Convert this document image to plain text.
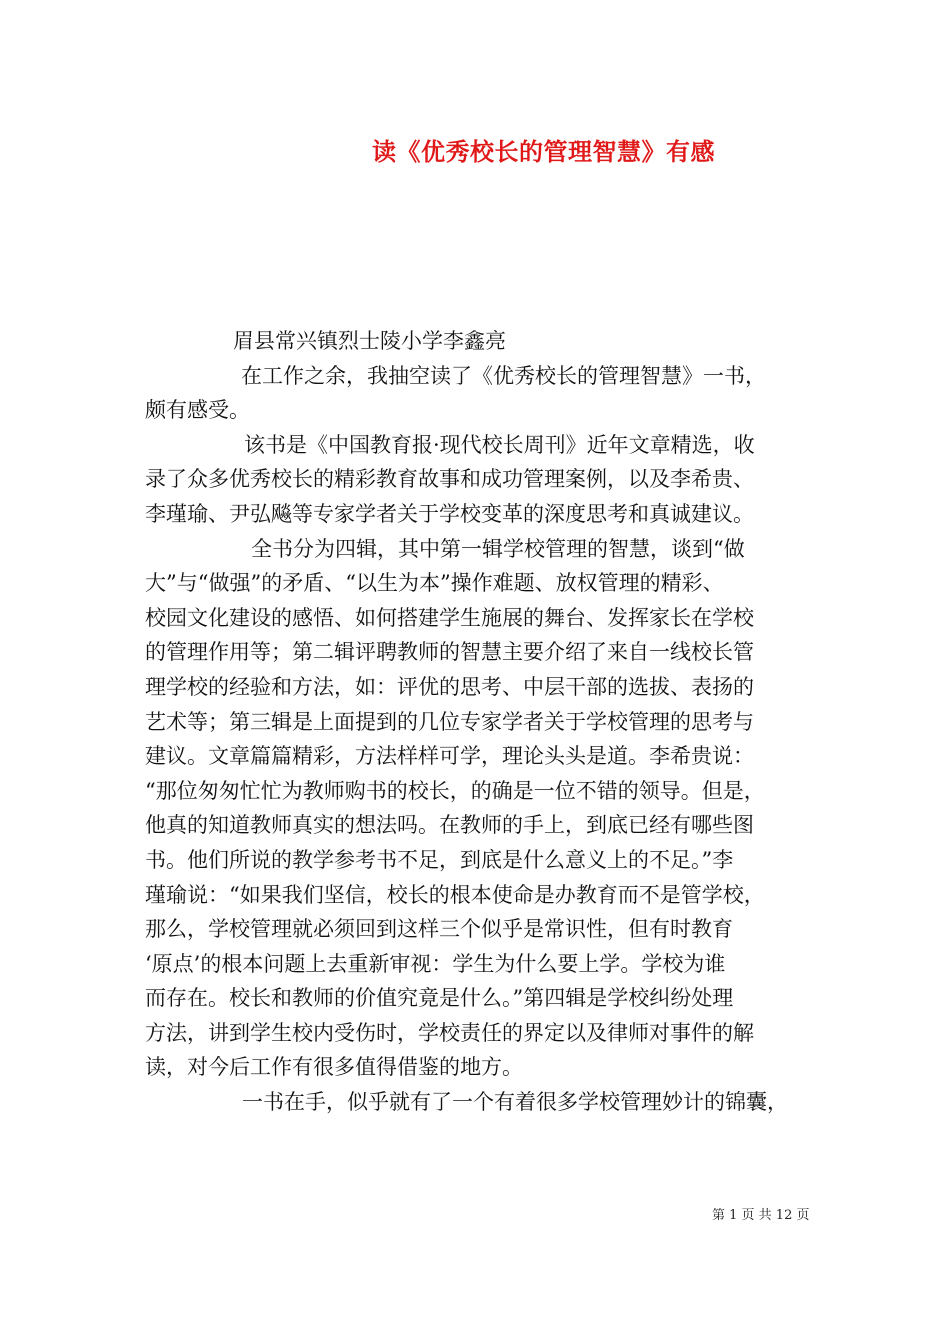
读《优秀校长的管理智慧》有感
眉县常兴镇烈士陵小学李鑫亮
在工作之余，我抽空读了《优秀校长的管理智慧》一书，
颇有感受。
该书是《中国教育报·现代校长周刊》近年文章精选，收
录了众多优秀校长的精彩教育故事和成功管理案例，以及李希贵、
李瑾瑜、尹弘飚等专家学者关于学校变革的深度思考和真诚建议。
全书分为四辑，其中第一辑学校管理的智慧，谈到“做
大”与“做强”的矛盾、“以生为本”操作难题、放权管理的精彩、
校园文化建设的感悟、如何搭建学生施展的舞台、发挥家长在学校
的管理作用等；第二辑评聘教师的智慧主要介绍了来自一线校长管
理学校的经验和方法，如：评优的思考、中层干部的选拔、表扬的
艺术等；第三辑是上面提到的几位专家学者关于学校管理的思考与
建议。文章篇篇精彩，方法样样可学，理论头头是道。李希贵说：
“那位匆匆忙忙为教师购书的校长，的确是一位不错的领导。但是，
他真的知道教师真实的想法吗。在教师的手上，到底已经有哪些图
书。他们所说的教学参考书不足，到底是什么意义上的不足。”李
瑾瑜说：“如果我们坚信，校长的根本使命是办教育而不是管学校，
那么，学校管理就必须回到这样三个似乎是常识性，但有时教育
‘原点’的根本问题上去重新审视：学生为什么要上学。学校为谁
而存在。校长和教师的价值究竟是什么。”第四辑是学校纠纷处理
方法，讲到学生校内受伤时，学校责任的界定以及律师对事件的解
读，对今后工作有很多值得借鉴的地方。
一书在手，似乎就有了一个有着很多学校管理妙计的锦囊，
第 1 页 共 12 页
